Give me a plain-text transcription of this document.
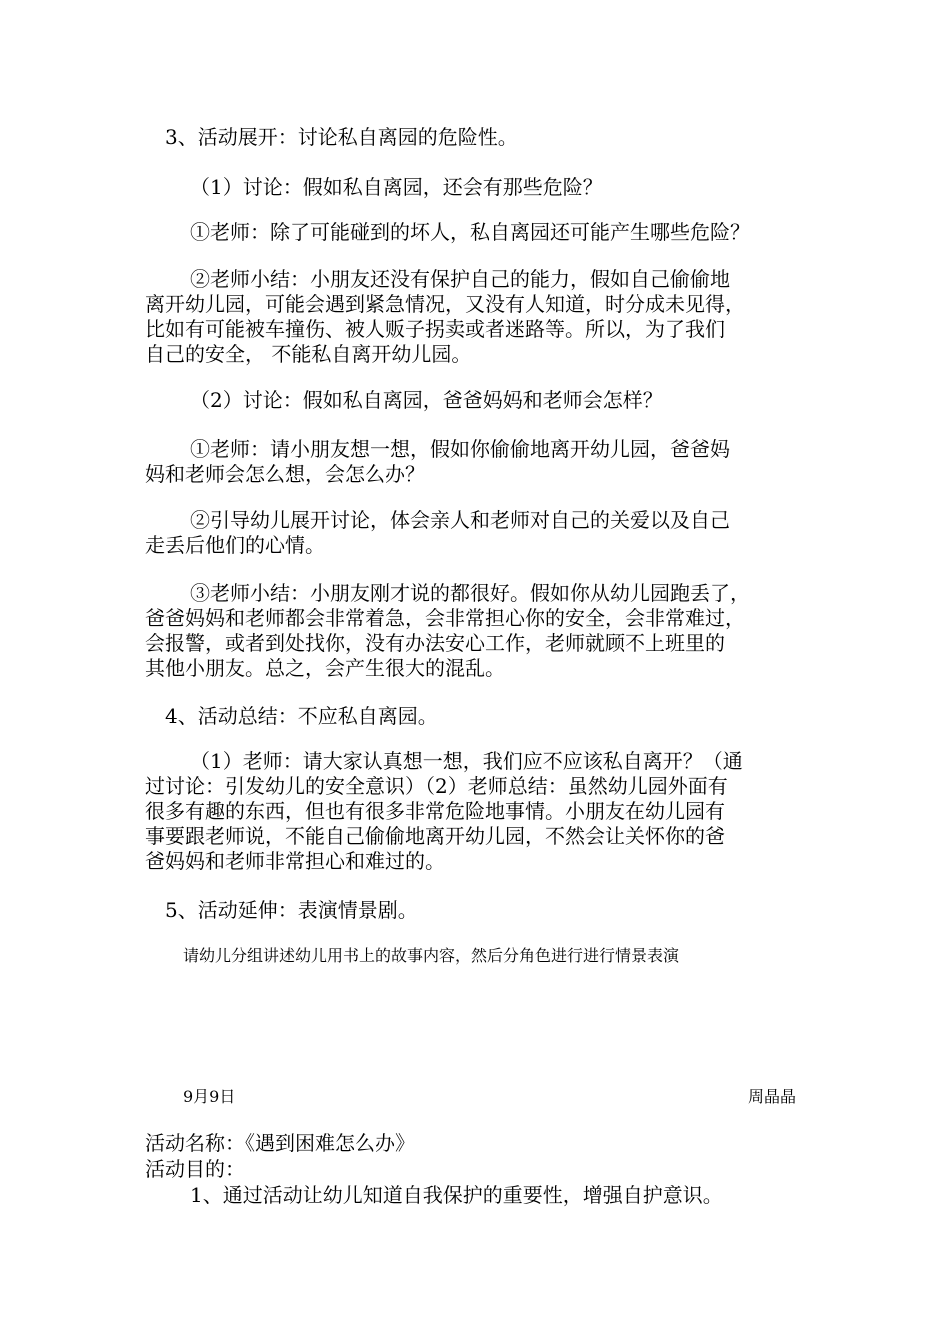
3、活动展开：讨论私自离园的危险性。
（1）讨论：假如私自离园，还会有那些危险？
①老师：除了可能碰到的坏人，私自离园还可能产生哪些危险？
②老师小结：小朋友还没有保护自己的能力，假如自己偷偷地
离开幼儿园，可能会遇到紧急情况，又没有人知道，时分成未见得，
比如有可能被车撞伤、被人贩子拐卖或者迷路等。所以，为了我们
自己的安全， 不能私自离开幼儿园。
（2）讨论：假如私自离园，爸爸妈妈和老师会怎样？
①老师：请小朋友想一想，假如你偷偷地离开幼儿园，爸爸妈
妈和老师会怎么想，会怎么办？
②引导幼儿展开讨论，体会亲人和老师对自己的关爱以及自己
走丢后他们的心情。
③老师小结：小朋友刚才说的都很好。假如你从幼儿园跑丢了，
爸爸妈妈和老师都会非常着急，会非常担心你的安全，会非常难过，
会报警，或者到处找你，没有办法安心工作，老师就顾不上班里的
其他小朋友。总之，会产生很大的混乱。
4、活动总结：不应私自离园。
（1）老师：请大家认真想一想，我们应不应该私自离开？（通
过讨论：引发幼儿的安全意识）（2）老师总结：虽然幼儿园外面有
很多有趣的东西，但也有很多非常危险地事情。小朋友在幼儿园有
事要跟老师说，不能自己偷偷地离开幼儿园，不然会让关怀你的爸
爸妈妈和老师非常担心和难过的。
5、活动延伸：表演情景剧。
请幼儿分组讲述幼儿用书上的故事内容，然后分角色进行进行情景表演
9月9日	周晶晶
活动名称：《遇到困难怎么办》
活动目的：
1、通过活动让幼儿知道自我保护的重要性，增强自护意识。
